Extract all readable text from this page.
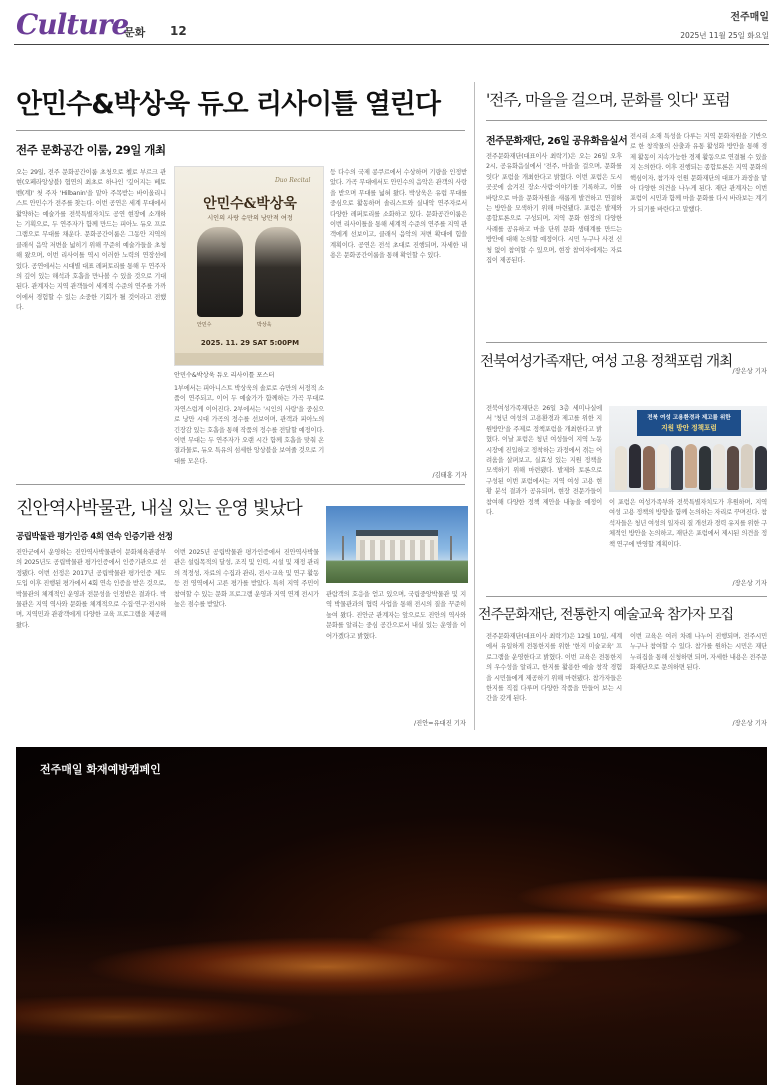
Culture
문화 12
전주매일
2025년 11월 25일 화요일
안민수&박상욱 듀오 리사이틀 열린다
전주 문화공간 이룸, 29일 개최
오는 29일, 전주 문화공간이룸 초청으로 첼로 부르크 관현(오페라앙상블) 협연의 최초로 하나인 '깊어지는 베토벤(계)' 첫 주자 'Hilbanin'을 맡아 주목받는 바이올리니스트 안민수가 전주를 찾는다. 이번 공연은 세계 무대에서 활약하는 예술가를 전북특별자치도 공연 현장에 소개하는 기획으로, 두 연주자가 함께 만드는 피아노 듀오 프로그램으로 무대를 채운다. 문화공간이룸은 그동안 지역의 클래식 음악 저변을 넓히기 위해 꾸준히 예술가들을 초청해 왔으며, 이번 리사이틀 역시 이러한 노력의 연장선에 있다. 공연에서는 시대별 대표 레퍼토리를 통해 두 연주자의 깊이 있는 해석과 호흡을 만나볼 수 있을 것으로 기대된다. 관계자는 지역 관객들이 세계적 수준의 연주를 가까이에서 경험할 수 있는 소중한 기회가 될 것이라고 전했다.
Duo Recital
안민수&박상욱
시인의 사랑 슈만의 낭만적 여정
안민수	박상욱
2025. 11. 29 SAT 5:00PM
안민수&박상욱 듀오 리사이틀 포스터
1부에서는 피아니스트 박상욱의 솔로로 슈만의 서정적 소품이 연주되고, 이어 두 예술가가 함께하는 가곡 무대로 자연스럽게 이어진다. 2부에서는 '시인의 사랑'을 중심으로 낭만 시대 가곡의 정수를 선보이며, 관객과 피아노의 긴장감 있는 호흡을 통해 작품의 정수를 전달할 예정이다. 이번 무대는 두 연주자가 오랜 시간 함께 호흡을 맞춰 온 결과물로, 듀오 특유의 섬세한 앙상블을 보여줄 것으로 기대를 모은다.
등 다수의 국제 콩쿠르에서 수상하며 기량을 인정받았다. 가곡 무대에서도 안민수의 음악은 관객의 사랑을 받으며 무대를 넓혀 왔다. 박상욱은 유럽 무대를 중심으로 활동하며 솔리스트와 실내악 연주자로서 다양한 레퍼토리를 소화하고 있다. 문화공간이룸은 이번 리사이틀을 통해 세계적 수준의 연주를 지역 관객에게 선보이고, 클래식 음악의 저변 확대에 힘쓸 계획이다. 공연은 전석 초대로 진행되며, 자세한 내용은 문화공간이룸을 통해 확인할 수 있다.
/김태홍 기자
'전주, 마을을 걸으며, 문화를 잇다' 포럼
전주문화재단, 26일 공유화음실서
전주문화재단(대표이사 최락기)은 오는 26일 오후 2시, 공유화음실에서 '전주, 마을을 걸으며, 문화를 잇다' 포럼을 개최한다고 밝혔다. 이번 포럼은 도시 곳곳에 숨겨진 장소·사람·이야기를 기록하고, 이를 바탕으로 마을 문화자원을 새롭게 발견하고 연결하는 방안을 모색하기 위해 마련됐다. 포럼은 발제와 종합토론으로 구성되며, 지역 문화 현장의 다양한 사례를 공유하고 마을 단위 문화 생태계를 만드는 방안에 대해 논의할 예정이다. 시민 누구나 사전 신청 없이 참여할 수 있으며, 현장 참여자에게는 자료집이 제공된다.
전시리 소재 특성을 다루는 지역 문화자원을 기반으로 한 창작물의 산출과 유통 활성화 방안을 통해 경제 활동이 지속가능한 경제 활동으로 연결될 수 있을지 논의한다. 이후 진행되는 종합토론은 지역 문화의 핵심이자, 참가자 인원 문화재단의 대표가 좌장을 맡아 다양한 의견을 나누게 된다. 재단 관계자는 이번 포럼이 시민과 함께 마을 문화를 다시 바라보는 계기가 되기를 바란다고 말했다.
/장은상 기자
전북여성가족재단, 여성 고용 정책포럼 개최
전북여성가족재단은 26일 3층 세미나실에서 '청년 여성의 고용환경과 제고를 위한 지원방안'을 주제로 정책포럼을 개최한다고 밝혔다. 이날 포럼은 청년 여성들이 지역 노동시장에 진입하고 정착하는 과정에서 겪는 어려움을 살펴보고, 실효성 있는 지원 정책을 모색하기 위해 마련됐다. 발제와 토론으로 구성된 이번 포럼에서는 지역 여성 고용 현황 분석 결과가 공유되며, 현장 전문가들이 참여해 다양한 정책 제안을 내놓을 예정이다.
전북 여성 고용환경과 제고를 위한
지원 방안 정책포럼
이 포럼은 여성가족부와 전북특별자치도가 후원하며, 지역 여성 고용 정책의 방향을 함께 논의하는 자리로 꾸며진다. 참석자들은 청년 여성의 일자리 질 개선과 경력 유지를 위한 구체적인 방안을 논의하고, 재단은 포럼에서 제시된 의견을 정책 연구에 반영할 계획이다.
/장은상 기자
진안역사박물관, 내실 있는 운영 빛났다
공립박물관 평가인증 4회 연속 인증기관 선정
진안군에서 운영하는 진안역사박물관이 문화체육관광부의 2025년도 공립박물관 평가인증에서 인증기관으로 선정됐다. 이번 선정은 2017년 공립박물관 평가인증 제도 도입 이후 진행된 평가에서 4회 연속 인증을 받은 것으로, 박물관의 체계적인 운영과 전문성을 인정받은 결과다. 박물관은 지역 역사와 문화를 체계적으로 수집·연구·전시하며, 지역민과 관광객에게 다양한 교육 프로그램을 제공해 왔다.
이번 2025년 공립박물관 평가인증에서 진안역사박물관은 설립목적의 달성, 조직 및 인력, 시설 및 재정 관리의 적정성, 자료의 수집과 관리, 전시·교육 및 연구 활동 등 전 영역에서 고른 평가를 받았다. 특히 지역 주민이 참여할 수 있는 문화 프로그램 운영과 지역 연계 전시가 높은 점수를 받았다.
관람객의 호응을 얻고 있으며, 국립중앙박물관 및 지역 박물관과의 협력 사업을 통해 전시의 질을 꾸준히 높여 왔다. 진안군 관계자는 앞으로도 진안의 역사와 문화를 알리는 중심 공간으로서 내실 있는 운영을 이어가겠다고 밝혔다.
/진안=유대진 기자
전주문화재단, 전통한지 예술교육 참가자 모집
전주문화재단(대표이사 최락기)은 12월 10일, 세계에서 유일하게 전통한지를 위한 '한지 미술교육' 프로그램을 운영한다고 밝혔다. 이번 교육은 전통한지의 우수성을 알리고, 한지를 활용한 예술 창작 경험을 시민들에게 제공하기 위해 마련됐다. 참가자들은 한지를 직접 다루며 다양한 작품을 만들어 보는 시간을 갖게 된다.
이번 교육은 여러 차례 나누어 진행되며, 전주시민 누구나 참여할 수 있다. 참가를 원하는 시민은 재단 누리집을 통해 신청하면 되며, 자세한 내용은 전주문화재단으로 문의하면 된다.
/장은상 기자
전주매일 화재예방캠페인
무심코 버린 인화물질
산불의 원인이기도 합니다
